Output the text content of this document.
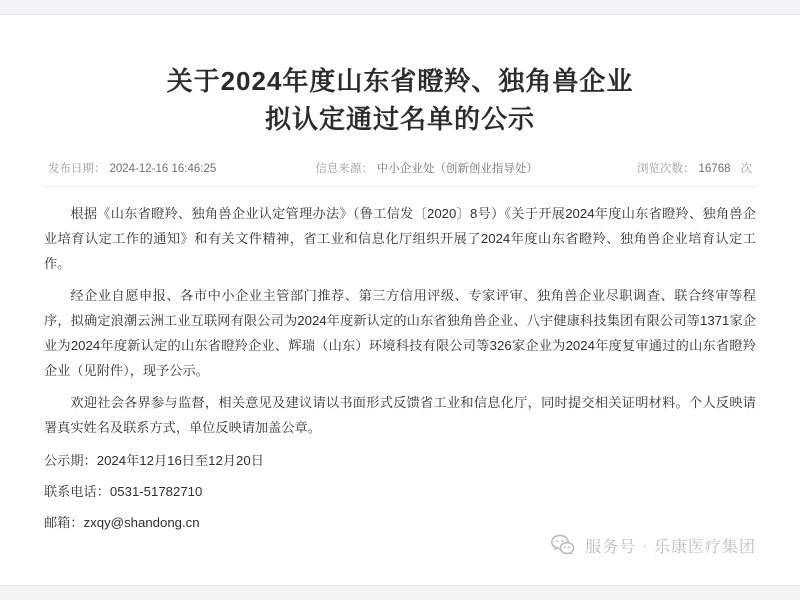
关于2024年度山东省瞪羚、独角兽企业
拟认定通过名单的公示
发布日期： 2024-12-16 16:46:25	信息来源： 中小企业处（创新创业指导处）	浏览次数： 16768 次

根据《山东省瞪羚、独角兽企业认定管理办法》（鲁工信发〔2020〕8号）《关于开展2024年度山东省瞪羚、独角兽企业培育认定工作的通知》和有关文件精神，省工业和信息化厅组织开展了2024年度山东省瞪羚、独角兽企业培育认定工作。

经企业自愿申报、各市中小企业主管部门推荐、第三方信用评级、专家评审、独角兽企业尽职调查、联合终审等程序，拟确定浪潮云洲工业互联网有限公司为2024年度新认定的山东省独角兽企业、八宇健康科技集团有限公司等1371家企业为2024年度新认定的山东省瞪羚企业、辉瑞（山东）环境科技有限公司等326家企业为2024年度复审通过的山东省瞪羚企业（见附件），现予公示。

欢迎社会各界参与监督，相关意见及建议请以书面形式反馈省工业和信息化厅，同时提交相关证明材料。个人反映请署真实姓名及联系方式，单位反映请加盖公章。

公示期：2024年12月16日至12月20日

联系电话：0531-51782710

邮箱：zxqy@shandong.cn

服务号 · 乐康医疗集团
